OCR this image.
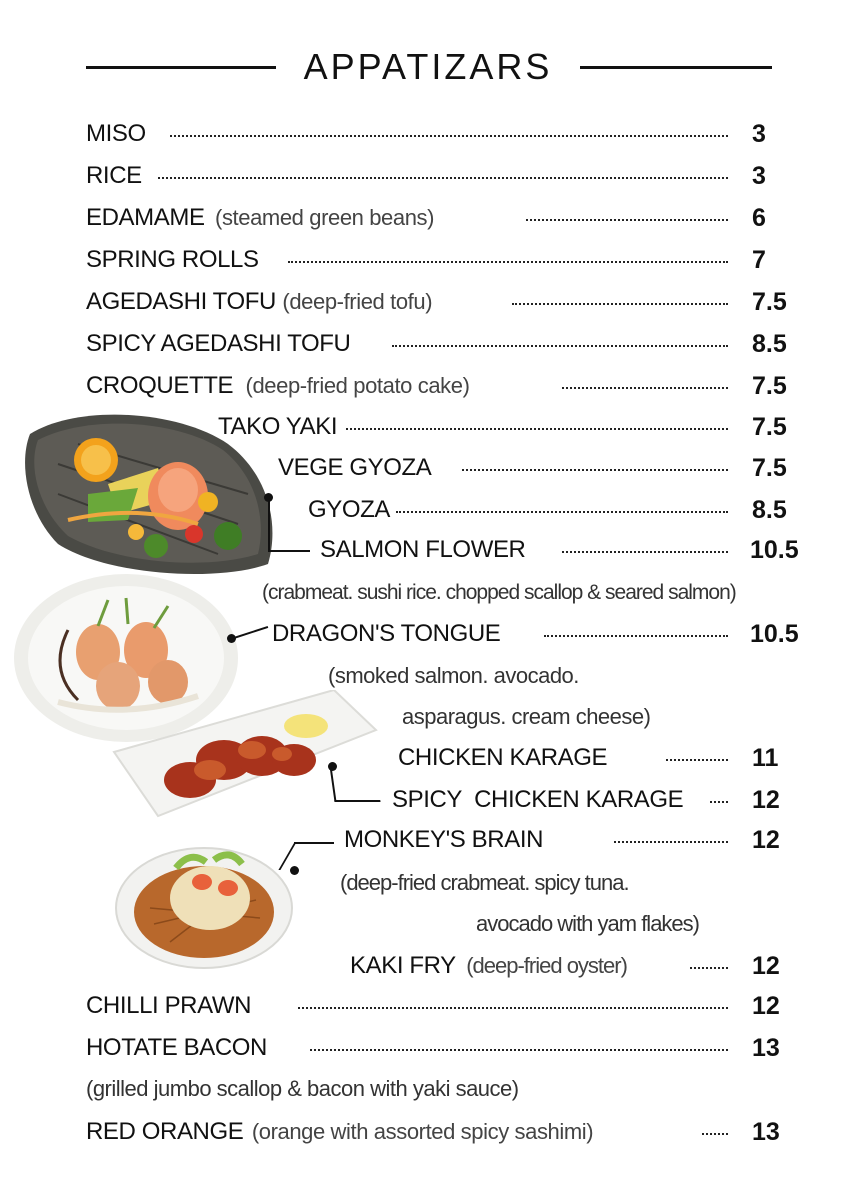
APPATIZARS
MISO	3
RICE	3
EDAMAME (steamed green beans)	6
SPRING ROLLS	7
AGEDASHI TOFU (deep-fried tofu)	7.5
SPICY AGEDASHI TOFU	8.5
CROQUETTE (deep-fried potato cake)	7.5
TAKO YAKI	7.5
VEGE GYOZA	7.5
GYOZA	8.5
SALMON FLOWER	10.5
(crabmeat. sushi rice. chopped scallop & seared salmon)
DRAGON'S TONGUE	10.5
(smoked salmon. avocado.
asparagus. cream cheese)
CHICKEN KARAGE	11
SPICY  CHICKEN KARAGE	12
MONKEY'S BRAIN	12
(deep-fried crabmeat. spicy tuna.
avocado with yam flakes)
KAKI FRY (deep-fried oyster)	12
CHILLI PRAWN	12
HOTATE BACON	13
(grilled jumbo scallop & bacon with yaki sauce)
RED ORANGE (orange with assorted spicy sashimi)	13
